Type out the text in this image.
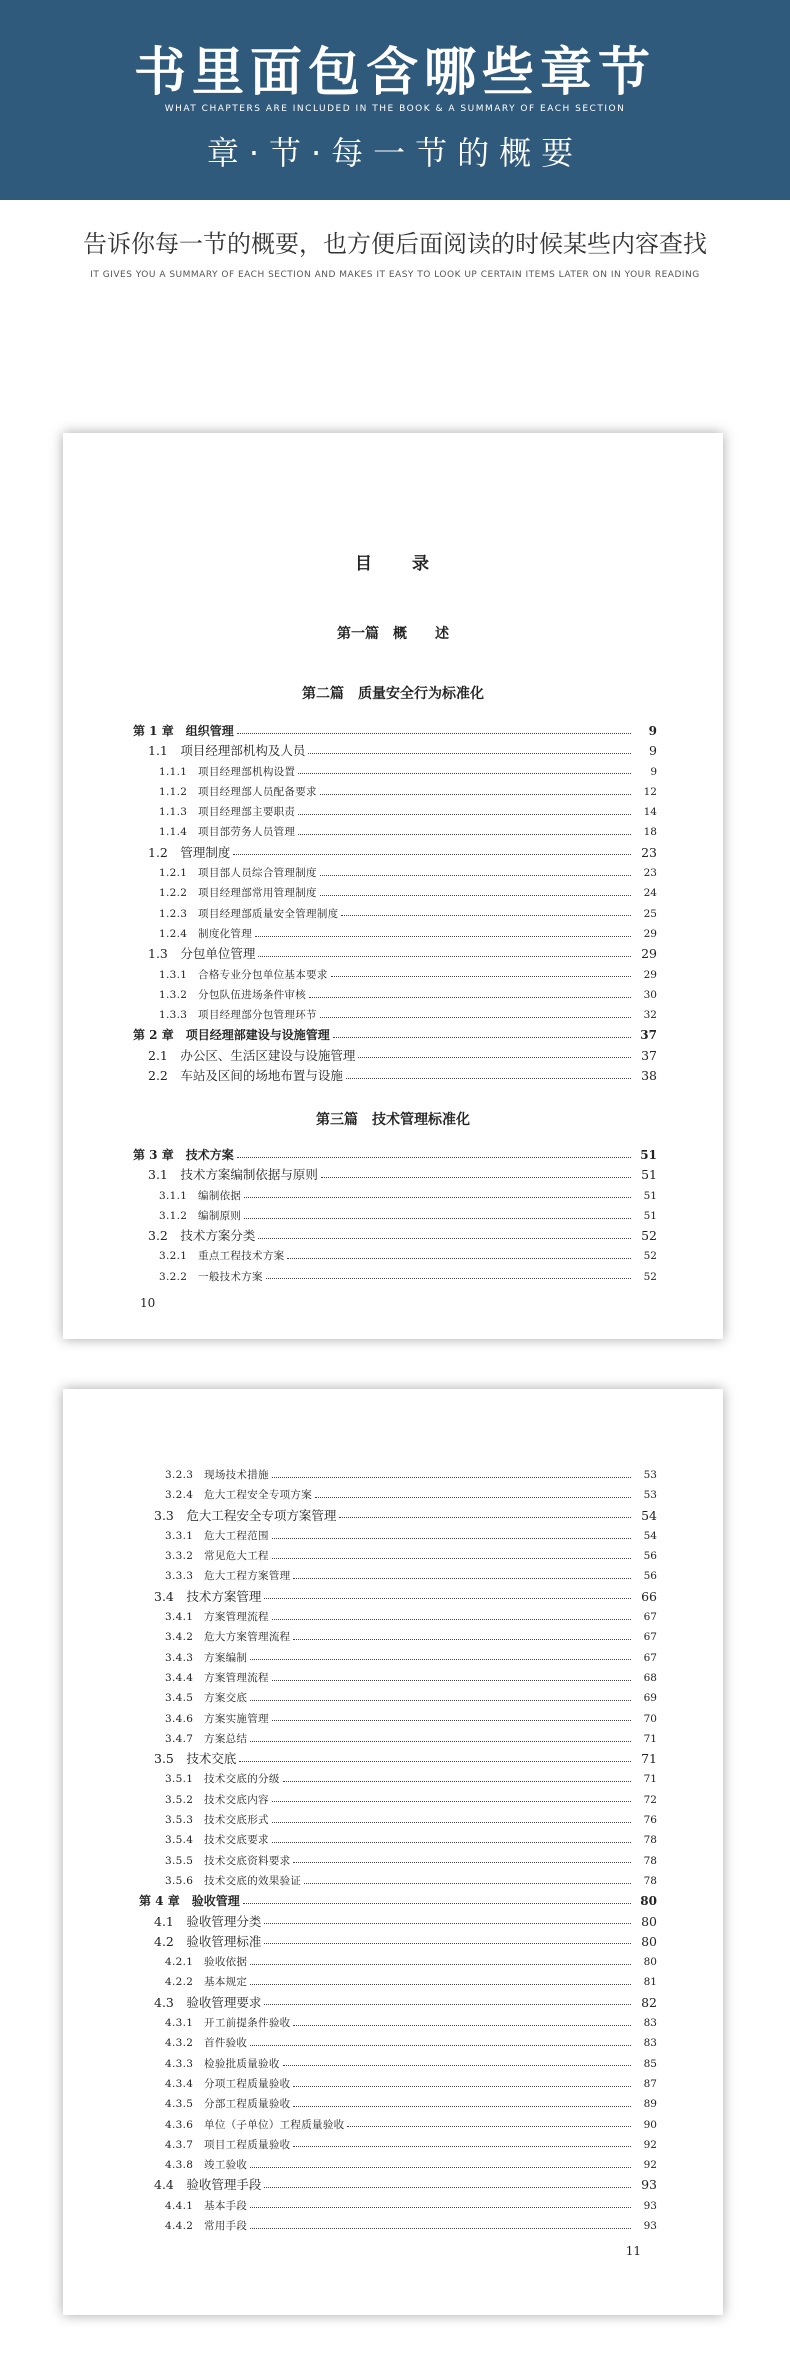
书里面包含哪些章节
WHAT CHAPTERS ARE INCLUDED IN THE BOOK & A SUMMARY OF EACH SECTION
章·节·每一节的概要
告诉你每一节的概要，也方便后面阅读的时候某些内容查找
IT GIVES YOU A SUMMARY OF EACH SECTION AND MAKES IT EASY TO LOOK UP CERTAIN ITEMS LATER ON IN YOUR READING
目　　录
第一篇　概　　述
第二篇　质量安全行为标准化
第 1 章　组织管理	9
1.1　项目经理部机构及人员	9
1.1.1　项目经理部机构设置	9
1.1.2　项目经理部人员配备要求	12
1.1.3　项目经理部主要职责	14
1.1.4　项目部劳务人员管理	18
1.2　管理制度	23
1.2.1　项目部人员综合管理制度	23
1.2.2　项目经理部常用管理制度	24
1.2.3　项目经理部质量安全管理制度	25
1.2.4　制度化管理	29
1.3　分包单位管理	29
1.3.1　合格专业分包单位基本要求	29
1.3.2　分包队伍进场条件审核	30
1.3.3　项目经理部分包管理环节	32
第 2 章　项目经理部建设与设施管理	37
2.1　办公区、生活区建设与设施管理	37
2.2　车站及区间的场地布置与设施	38
第三篇　技术管理标准化
第 3 章　技术方案	51
3.1　技术方案编制依据与原则	51
3.1.1　编制依据	51
3.1.2　编制原则	51
3.2　技术方案分类	52
3.2.1　重点工程技术方案	52
3.2.2　一般技术方案	52
10
3.2.3　现场技术措施	53
3.2.4　危大工程安全专项方案	53
3.3　危大工程安全专项方案管理	54
3.3.1　危大工程范围	54
3.3.2　常见危大工程	56
3.3.3　危大工程方案管理	56
3.4　技术方案管理	66
3.4.1　方案管理流程	67
3.4.2　危大方案管理流程	67
3.4.3　方案编制	67
3.4.4　方案管理流程	68
3.4.5　方案交底	69
3.4.6　方案实施管理	70
3.4.7　方案总结	71
3.5　技术交底	71
3.5.1　技术交底的分级	71
3.5.2　技术交底内容	72
3.5.3　技术交底形式	76
3.5.4　技术交底要求	78
3.5.5　技术交底资料要求	78
3.5.6　技术交底的效果验证	78
第 4 章　验收管理	80
4.1　验收管理分类	80
4.2　验收管理标准	80
4.2.1　验收依据	80
4.2.2　基本规定	81
4.3　验收管理要求	82
4.3.1　开工前提条件验收	83
4.3.2　首件验收	83
4.3.3　检验批质量验收	85
4.3.4　分项工程质量验收	87
4.3.5　分部工程质量验收	89
4.3.6　单位（子单位）工程质量验收	90
4.3.7　项目工程质量验收	92
4.3.8　竣工验收	92
4.4　验收管理手段	93
4.4.1　基本手段	93
4.4.2　常用手段	93
11
